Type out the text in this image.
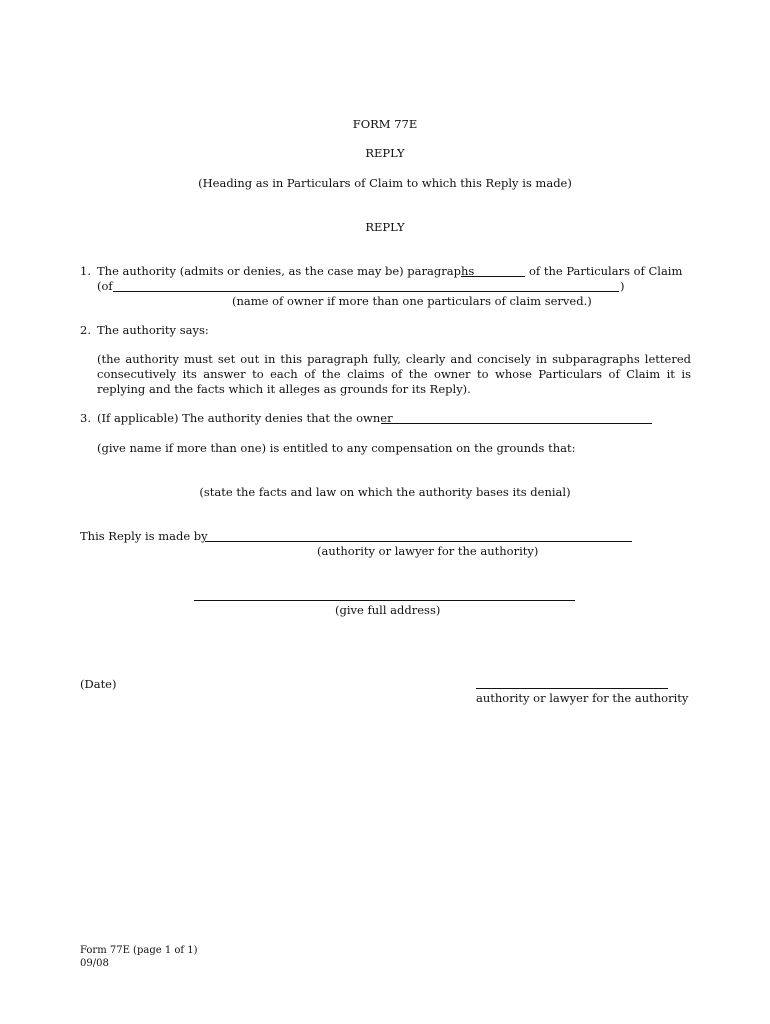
FORM 77E
REPLY
(Heading as in Particulars of Claim to which this Reply is made)
REPLY
1. The authority (admits or denies, as the case may be) paragraphs	of the Particulars of Claim
(of	)
(name of owner if more than one particulars of claim served.)
2. The authority says:
(the authority must set out in this paragraph fully, clearly and concisely in subparagraphs lettered consecutively its answer to each of the claims of the owner to whose Particulars of Claim it is replying and the facts which it alleges as grounds for its Reply).
3. (If applicable) The authority denies that the owner
(give name if more than one) is entitled to any compensation on the grounds that:
(state the facts and law on which the authority bases its denial)
This Reply is made by
(authority or lawyer for the authority)
(give full address)
(Date)
authority or lawyer for the authority
Form 77E (page 1 of 1)
09/08
